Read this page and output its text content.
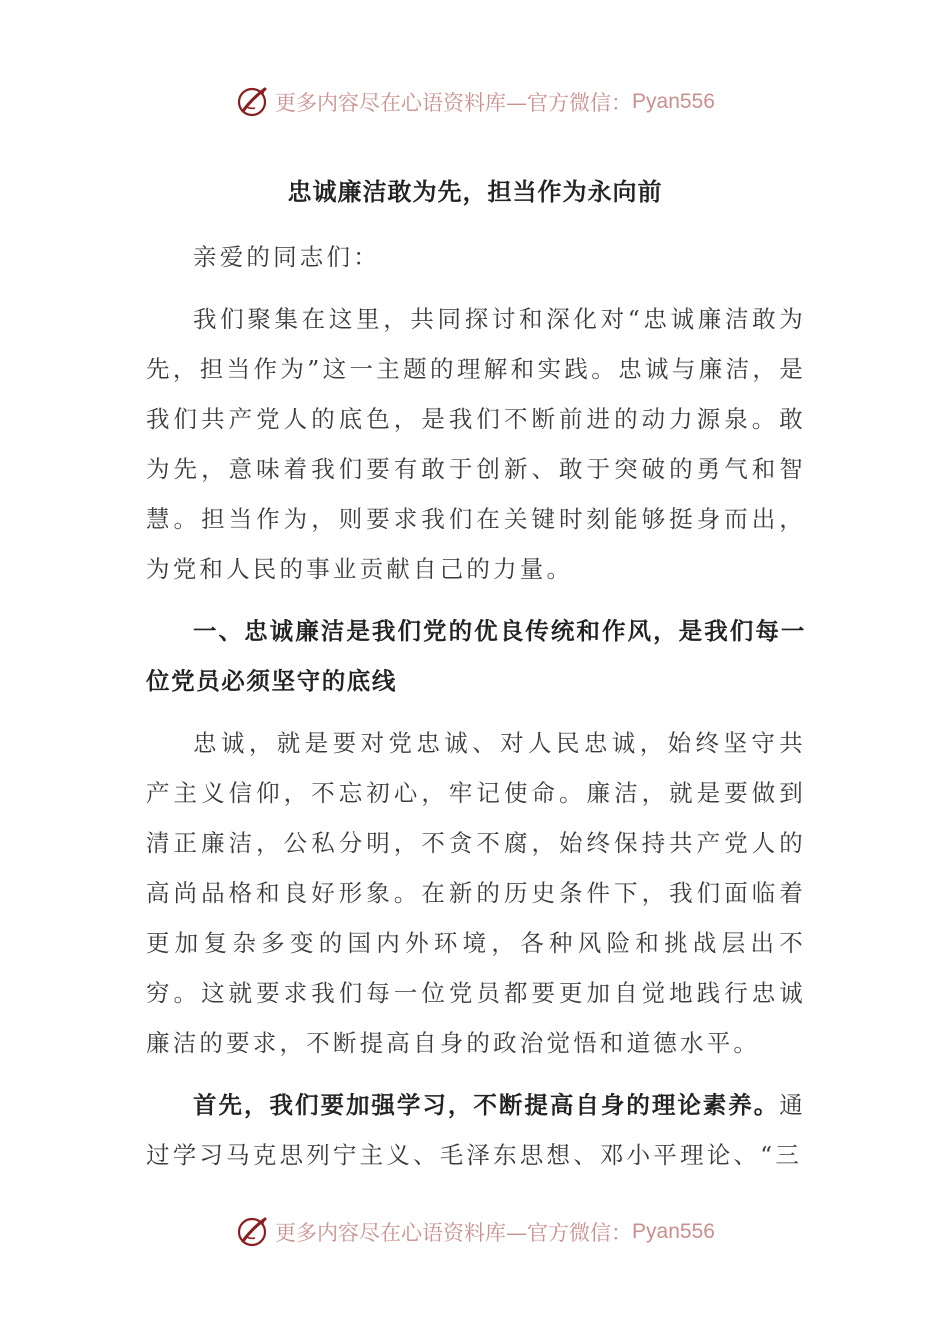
更多内容尽在心语资料库—官方微信： Pyan556
忠诚廉洁敢为先，担当作为永向前

亲爱的同志们：

我们聚集在这里，共同探讨和深化对“忠诚廉洁敢为先，担当作为”这一主题的理解和实践。忠诚与廉洁，是我们共产党人的底色，是我们不断前进的动力源泉。敢为先，意味着我们要有敢于创新、敢于突破的勇气和智慧。担当作为，则要求我们在关键时刻能够挺身而出，为党和人民的事业贡献自己的力量。

一、忠诚廉洁是我们党的优良传统和作风，是我们每一位党员必须坚守的底线

忠诚，就是要对党忠诚、对人民忠诚，始终坚守共产主义信仰，不忘初心，牢记使命。廉洁，就是要做到清正廉洁，公私分明，不贪不腐，始终保持共产党人的高尚品格和良好形象。在新的历史条件下，我们面临着更加复杂多变的国内外环境，各种风险和挑战层出不穷。这就要求我们每一位党员都要更加自觉地践行忠诚廉洁的要求，不断提高自身的政治觉悟和道德水平。

首先，我们要加强学习，不断提高自身的理论素养。通过学习马克思列宁主义、毛泽东思想、邓小平理论、“三

更多内容尽在心语资料库—官方微信： Pyan556
